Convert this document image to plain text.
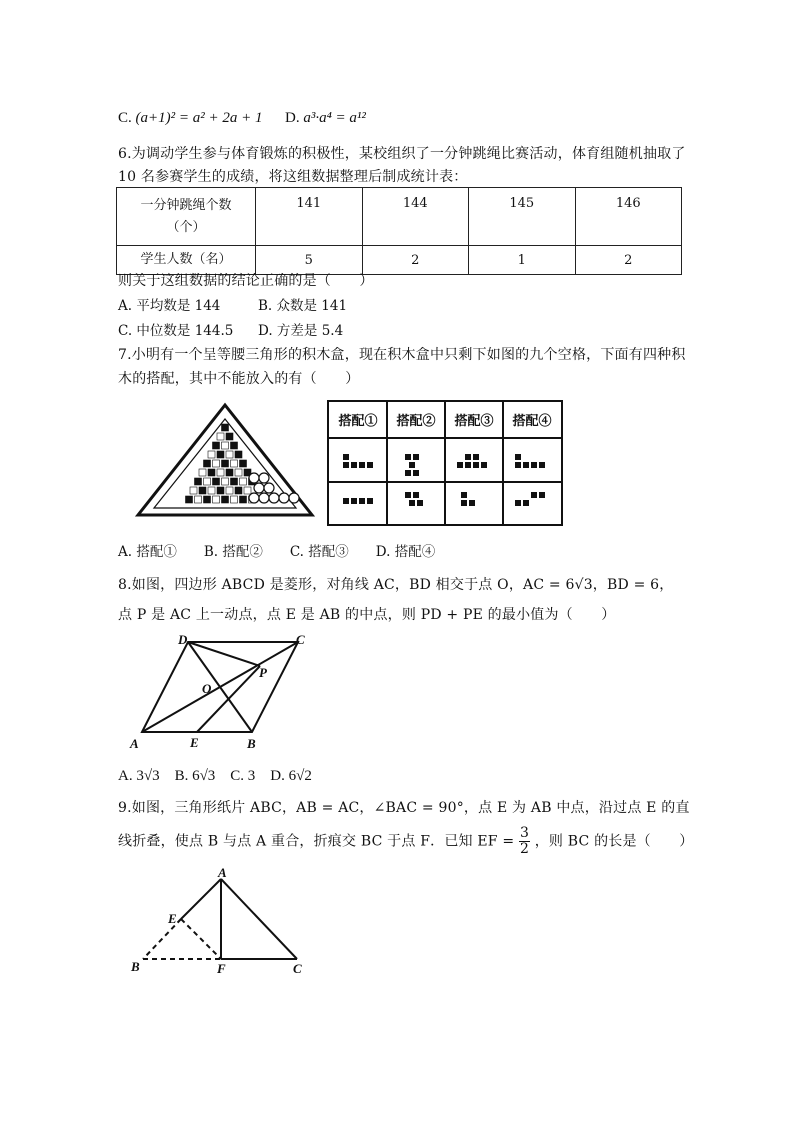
C. (a+1)² = a² + 2a + 1 D. a³·a⁴ = a¹²
6.为调动学生参与体育锻炼的积极性，某校组织了一分钟跳绳比赛活动，体育组随机抽取了
10 名参赛学生的成绩，将这组数据整理后制成统计表：
一分钟跳绳个数
（个）	141	144	145	146
学生人数（名）	5	2	1	2
则关于这组数据的结论正确的是（　　）
A. 平均数是 144	B. 众数是 141
C. 中位数是 144.5 D. 方差是 5.4
7.小明有一个呈等腰三角形的积木盒，现在积木盒中只剩下如图的九个空格，下面有四种积
木的搭配，其中不能放入的有（　　）
搭配①	搭配②	搭配③	搭配④
A. 搭配①　　B. 搭配②　　C. 搭配③　　D. 搭配④
8.如图，四边形 ABCD 是菱形，对角线 AC，BD 相交于点 O，AC = 6√3，BD = 6，
点 P 是 AC 上一动点，点 E 是 AB 的中点，则 PD + PE 的最小值为（　　）
A	B
C
D
O
P
E
A. 3√3　B. 6√3　C. 3　D. 6√2
9.如图，三角形纸片 ABC，AB = AC，∠BAC = 90°，点 E 为 AB 中点，沿过点 E 的直
线折叠，使点 B 与点 A 重合，折痕交 BC 于点 F．已知 EF = $\frac{3}{2}$ ，则 BC 的长是（　　）
A
B	C
E
F
